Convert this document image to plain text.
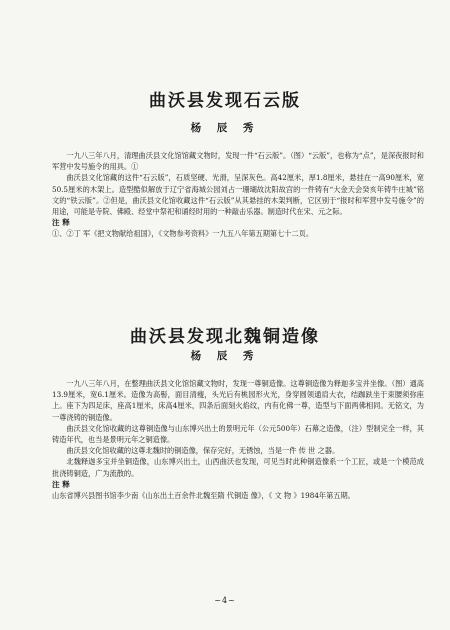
曲沃县发现石云版

杨 辰 秀

一九八三年八月，清理曲沃县文化馆馆藏文物时，发现一件“石云版”。（图）“云版”，也称为“点”，是深夜报时和军营中发号施令的用具。①

曲沃县文化馆藏的这件“石云版”，石质坚硬、光滑，呈深灰色。高42厘米，厚1.8厘米，悬挂在一高90厘米，宽50.5厘米的木架上。造型酷似解放于辽宁省海城公园刘占一珊瑚故沈阳故宫的一件铸有“大金天会癸亥年铸牛庄城”铭文的“铁云版”。②但是，曲沃县文化馆收藏这件“石云版”从其悬挂的木架判断，它区别于“报时和军营中发号施令”的用途，可能是寺院、佛殿、经堂中祭祀和诵经时用的一种敲击乐器。制造时代在宋、元之际。

注 释

①、②丁 军《把文物献给祖国》，《文物参考资料》一九五八年第五期第七十二页。

曲沃县发现北魏铜造像

杨 辰 秀

一九八三年八月，在整理曲沃县文化馆馆藏文物时，发现一尊铜造像。这尊铜造像为释迦多宝并坐像。（图）通高13.9厘米，宽6.1厘米。造像为高髻，面目清瘦，头光后有桃园形火光，身穿圆领通肩大衣，结跏趺坐于束腰须弥座上。座下为四足床，座高1厘米，床高4厘米，四条后面刻火焰纹，内有化佛一尊，造型与下面两佛相同。无铭文，为一尊浇铸的铜造像。

曲沃县文化馆收藏的这尊铜造像与山东博兴出土的景明元年（公元500年）石幕之造像，（注）型制完全一样，其铸造年代，也当是景明元年之铜造像。

曲沃县文化馆收藏的这尊北魏时的铜造像，保存完好，无锈蚀，当是一件 传 世 之器。

北魏释迦多宝并坐铜造像，山东博兴出土，山西曲沃也发现，可见当时此种铜造像系一个工匠，或是一个模范成批浇铸铜造，广为流散的。

注 释

山东省博兴县图书馆李少南《山东出土百余件北魏至隋 代铜造 像》，《 文 物 》1984年第五期。

~4~
